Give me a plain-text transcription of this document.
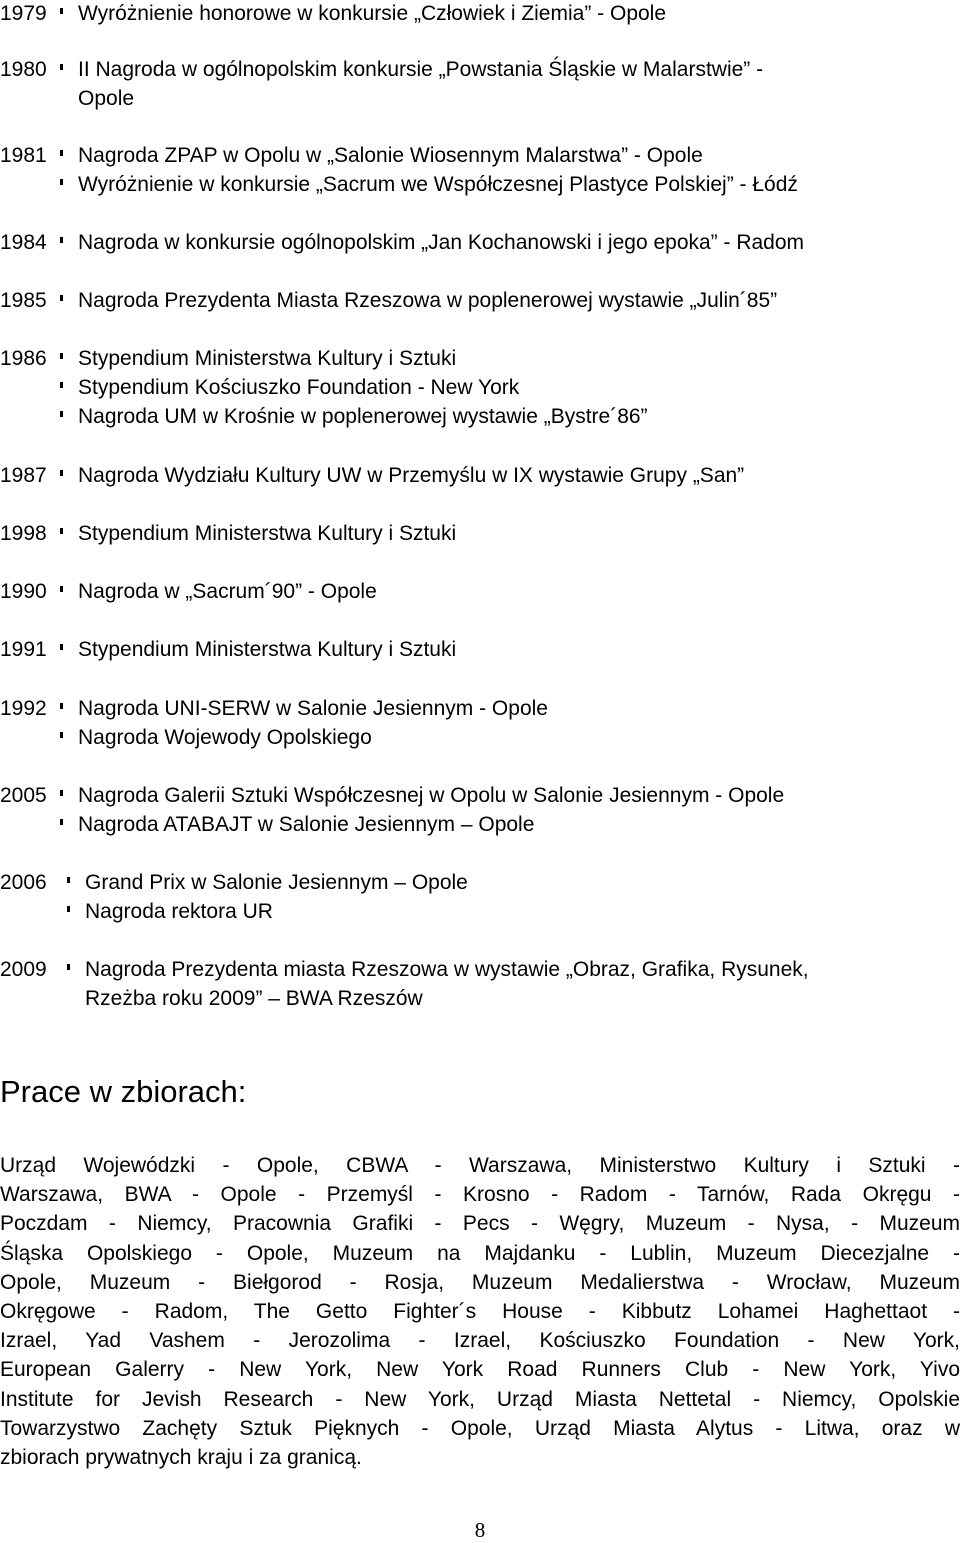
1979 Wyróżnienie honorowe w konkursie „Człowiek i Ziemia” - Opole
1980 II Nagroda w ogólnopolskim konkursie „Powstania Śląskie w Malarstwie” -
Opole
1981 Nagroda ZPAP w Opolu w „Salonie Wiosennym Malarstwa” - Opole
Wyróżnienie w konkursie „Sacrum we Współczesnej Plastyce Polskiej” - Łódź
1984 Nagroda w konkursie ogólnopolskim „Jan Kochanowski i jego epoka” - Radom
1985 Nagroda Prezydenta Miasta Rzeszowa w poplenerowej wystawie „Julin´85”
1986 Stypendium Ministerstwa Kultury i Sztuki
Stypendium Kościuszko Foundation - New York
Nagroda UM w Krośnie w poplenerowej wystawie „Bystre´86”
1987 Nagroda Wydziału Kultury UW w Przemyślu w IX wystawie Grupy „San”
1998 Stypendium Ministerstwa Kultury i Sztuki
1990 Nagroda w „Sacrum´90” - Opole
1991 Stypendium Ministerstwa Kultury i Sztuki
1992 Nagroda UNI-SERW w Salonie Jesiennym - Opole
Nagroda Wojewody Opolskiego
2005 Nagroda Galerii Sztuki Współczesnej w Opolu w Salonie Jesiennym - Opole
Nagroda ATABAJT w Salonie Jesiennym – Opole
2006 Grand Prix w Salonie Jesiennym – Opole
Nagroda rektora UR
2009 Nagroda Prezydenta miasta Rzeszowa w wystawie „Obraz, Grafika, Rysunek,
Rzeżba roku 2009” – BWA Rzeszów
Prace w zbiorach:
Urząd Wojewódzki - Opole, CBWA - Warszawa, Ministerstwo Kultury i Sztuki -
Warszawa, BWA - Opole - Przemyśl - Krosno - Radom - Tarnów, Rada Okręgu -
Poczdam - Niemcy, Pracownia Grafiki - Pecs - Węgry, Muzeum - Nysa, - Muzeum
Śląska Opolskiego - Opole, Muzeum na Majdanku - Lublin, Muzeum Diecezjalne -
Opole, Muzeum - Biełgorod - Rosja, Muzeum Medalierstwa - Wrocław, Muzeum
Okręgowe - Radom, The Getto Fighter´s House - Kibbutz Lohamei Haghettaot -
Izrael, Yad Vashem - Jerozolima - Izrael, Kościuszko Foundation - New York,
European Galerry - New York, New York Road Runners Club - New York, Yivo
Institute for Jevish Research - New York, Urząd Miasta Nettetal - Niemcy, Opolskie
Towarzystwo Zachęty Sztuk Pięknych - Opole, Urząd Miasta Alytus - Litwa, oraz w
zbiorach prywatnych kraju i za granicą.
8
